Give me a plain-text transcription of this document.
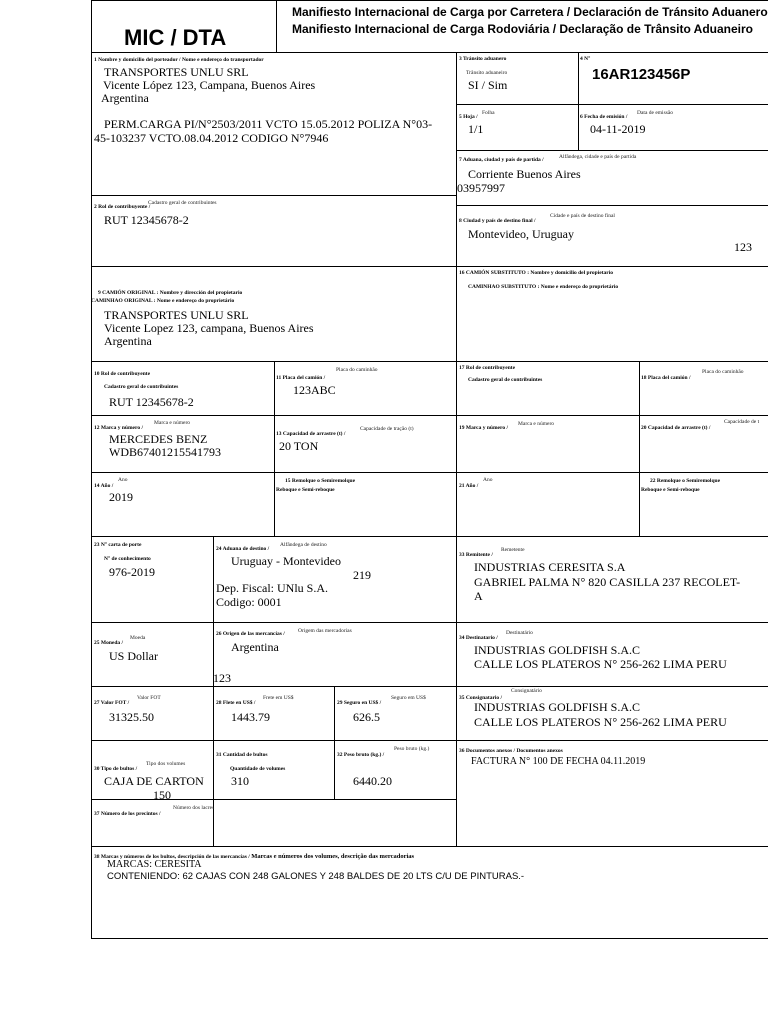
MIC / DTA
Manifiesto Internacional de Carga por Carretera / Declaración de Tránsito Aduanero
Manifiesto Internacional de Carga Rodoviária / Declaração de Trânsito Aduaneiro
1 Nombre y domicilio del porteador / Nome e endereço do transportador
TRANSPORTES UNLU SRL
Vicente López 123, Campana, Buenos Aires
Argentina
PERM.CARGA PI/N°2503/2011 VCTO 15.05.2012 POLIZA N°03-45-103237 VCTO.08.04.2012 CODIGO N°7946
3 Tránsito aduanero
Trânsito aduaneiro
SI / Sim
4 N°
16AR123456P
5 Hoja /
Folha
1/1
6 Fecha de emisión /
Data de emissão
04-11-2019
7 Aduana, ciudad y país de partida /	Alfândega, cidade e país de partida
Corriente Buenos Aires
03957997
2 Rol de contribuyente /
Cadastro geral de contribuintes
RUT 12345678-2	8 Ciudad y país de destino final /
Cidade e país de destino final
Montevideo, Uruguay
123
9 CAMIÓN ORIGINAL : Nombre y dirección del propietario
CAMINHAO ORIGINAL : Nome e endereço do proprietário
TRANSPORTES UNLU SRL
Vicente Lopez 123, campana, Buenos Aires
Argentina
16 CAMIÓN SUBSTITUTO : Nombre y domicilio del propietario
CAMINHAO SUBSTITUTO : Nome e endereço do proprietário
10 Rol de contribuyente
Cadastro geral de contribuintes
RUT 12345678-2
11 Placa del camión /
Placa do caminhão
123ABC
17 Rol de contribuyente
Cadastro geral de contribuintes	18 Placa del camión /
Placa do caminhão
12 Marca y número /
Marca e número
MERCEDES BENZ
WDB67401215541793
13 Capacidad de arrastre (t) /
Capacidade de tração (t)
20 TON
19 Marca y número /
Marca e número
20 Capacidad de arrastre (t) /
Capacidade de t
14 Año /
Ano
2019
15 Remolque o Semiremolque
Reboque e Semi-reboque
21 Año /
Ano	22 Remolque o Semiremolque
Reboque e Semi-reboque
23 N° carta de porte
N° de conhecimento
976-2019
24 Aduana de destino /
Alfândega de destino
Uruguay - Montevideo
219
Dep. Fiscal: UNlu S.A.
Codigo: 0001
33 Remitente /
Remetente
INDUSTRIAS CERESITA S.A
GABRIEL PALMA N° 820 CASILLA 237 RECOLET-
A
25 Moneda /
Moeda
US Dollar
26 Origen de las mercancías / Origem das mercadorias
Argentina
123
34 Destinatario /
Destinatário
INDUSTRIAS GOLDFISH S.A.C
CALLE LOS PLATEROS N° 256-262 LIMA PERU
27 Valor FOT /
Valor FOT
31325.50
28 Flete en US$ /
Frete em US$
1443.79
29 Seguro en US$ /
Seguro em US$
626.5
35 Consignatario /
Consignatário
INDUSTRIAS GOLDFISH S.A.C
CALLE LOS PLATEROS N° 256-262 LIMA PERU
30 Tipo de bultos /
Tipo dos volumes
CAJA DE CARTON
150
31 Cantidad de bultos
Quantidade de volumes
310
32 Peso bruto (kg.) /
Peso bruto (kg.)
6440.20
36 Documentos anexos / Documentos anexos
FACTURA N° 100 DE FECHA 04.11.2019
37 Número de los precintos /
Número dos lacres
38 Marcas y números de los bultos, descripción de las mercancías / Marcas e números dos volumes, descrição das mercadorias
MARCAS: CERESITA
CONTENIENDO: 62 CAJAS CON 248 GALONES Y 248 BALDES DE 20 LTS C/U DE PINTURAS.-
